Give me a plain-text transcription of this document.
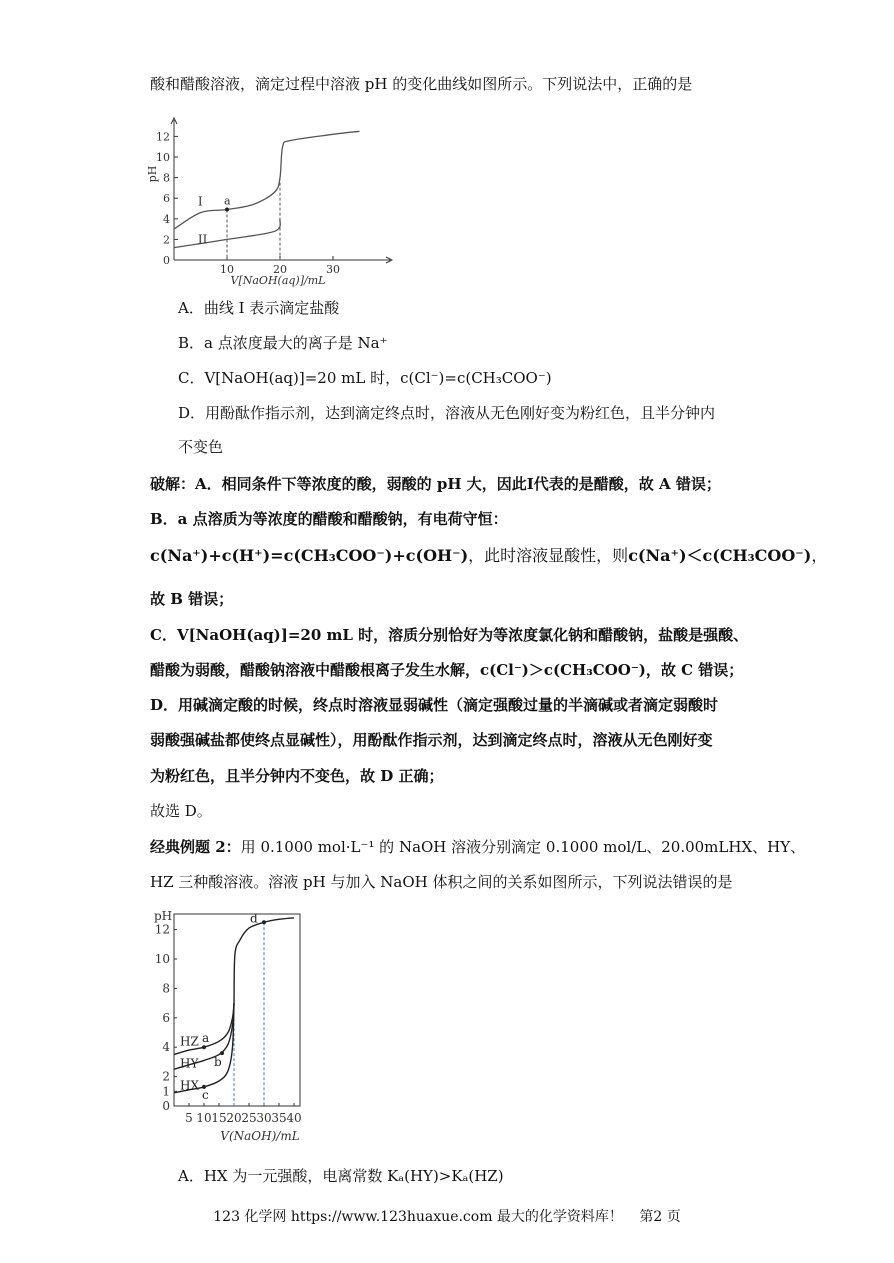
酸和醋酸溶液，滴定过程中溶液 pH 的变化曲线如图所示。下列说法中，正确的是
0
2
4
6
8
10
12
10	20	30
pH
V[NaOH(aq)]/mL
I
II
a
A．曲线 I 表示滴定盐酸
B．a 点浓度最大的离子是 Na⁺
C．V[NaOH(aq)]=20 mL 时，c(Cl⁻)=c(CH₃COO⁻)
D．用酚酞作指示剂，达到滴定终点时，溶液从无色刚好变为粉红色，且半分钟内
不变色
破解：A．相同条件下等浓度的酸，弱酸的 pH 大，因此I代表的是醋酸，故 A 错误；
B．a 点溶质为等浓度的醋酸和醋酸钠，有电荷守恒：
c(Na⁺)+c(H⁺)=c(CH₃COO⁻)+c(OH⁻)，此时溶液显酸性，则c(Na⁺)＜c(CH₃COO⁻)，
故 B 错误；
C．V[NaOH(aq)]=20 mL 时，溶质分别恰好为等浓度氯化钠和醋酸钠，盐酸是强酸、
醋酸为弱酸，醋酸钠溶液中醋酸根离子发生水解，c(Cl⁻)＞c(CH₃COO⁻)，故 C 错误；
D．用碱滴定酸的时候，终点时溶液显弱碱性（滴定强酸过量的半滴碱或者滴定弱酸时
弱酸强碱盐都使终点显碱性），用酚酞作指示剂，达到滴定终点时，溶液从无色刚好变
为粉红色，且半分钟内不变色，故 D 正确；
故选 D。
经典例题 2：用 0.1000 mol·L⁻¹ 的 NaOH 溶液分别滴定 0.1000 mol/L、20.00mLHX、HY、
HZ 三种酸溶液。溶液 pH 与加入 NaOH 体积之间的关系如图所示，下列说法错误的是
0
1
2
4
6
8
10
12
pH
5 10 15 20 25 30 35 40
V(NaOH)/mL
HZ
HY
HX
a
b
c
d
A．HX 为一元强酸，电离常数 Kₐ(HY)>Kₐ(HZ)
123 化学网 https://www.123huaxue.com 最大的化学资料库！ 第2 页
